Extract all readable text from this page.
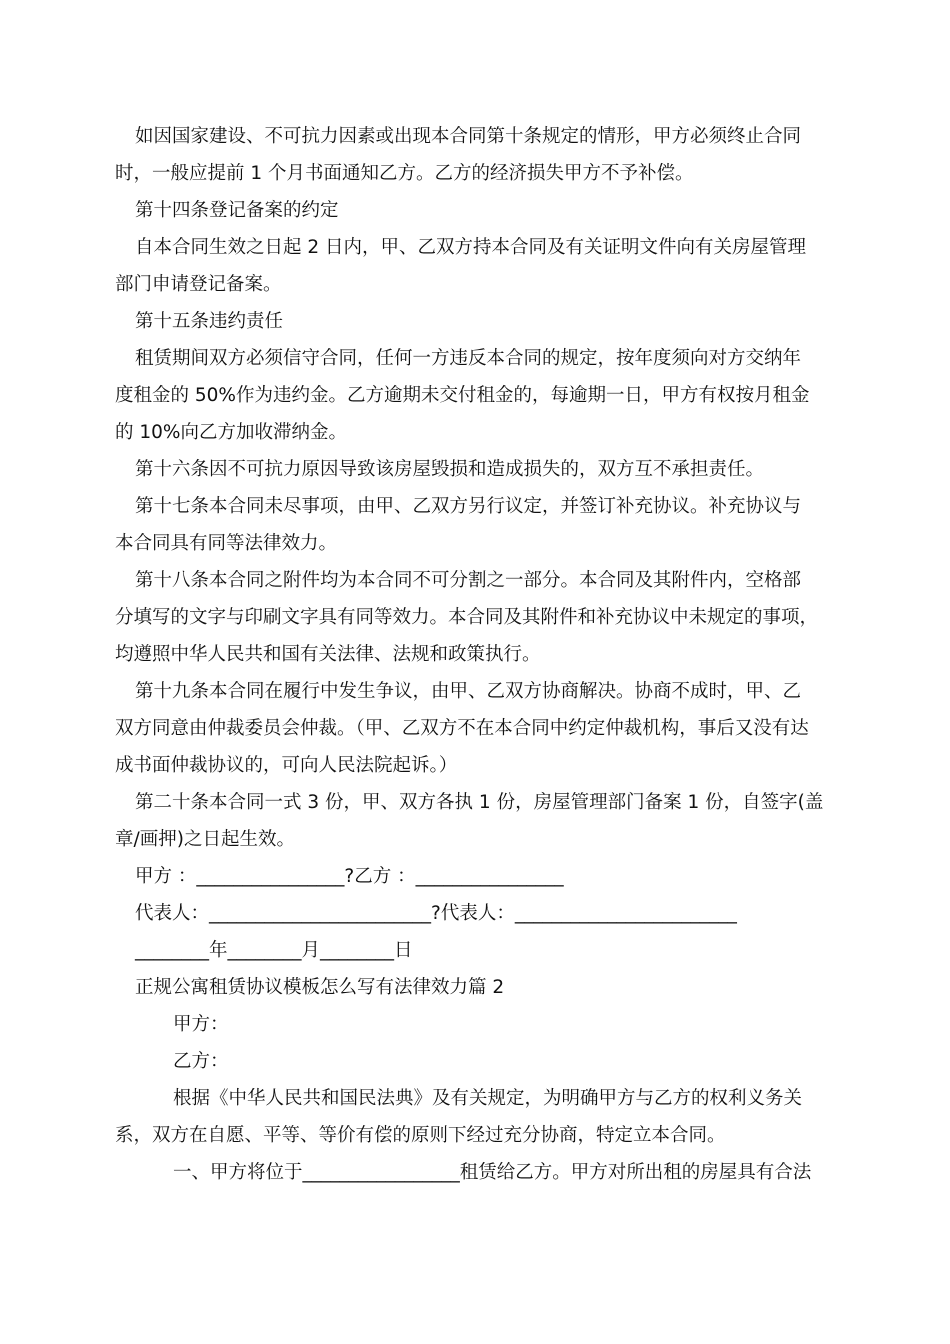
如因国家建设、不可抗力因素或出现本合同第十条规定的情形，甲方必须终止合同
时，一般应提前 1 个月书面通知乙方。乙方的经济损失甲方不予补偿。
第十四条登记备案的约定
自本合同生效之日起 2 日内，甲、乙双方持本合同及有关证明文件向有关房屋管理
部门申请登记备案。
第十五条违约责任
租赁期间双方必须信守合同，任何一方违反本合同的规定，按年度须向对方交纳年
度租金的 50%作为违约金。乙方逾期未交付租金的，每逾期一日，甲方有权按月租金
的 10%向乙方加收滞纳金。
第十六条因不可抗力原因导致该房屋毁损和造成损失的，双方互不承担责任。
第十七条本合同未尽事项，由甲、乙双方另行议定，并签订补充协议。补充协议与
本合同具有同等法律效力。
第十八条本合同之附件均为本合同不可分割之一部分。本合同及其附件内，空格部
分填写的文字与印刷文字具有同等效力。本合同及其附件和补充协议中未规定的事项，
均遵照中华人民共和国有关法律、法规和政策执行。
第十九条本合同在履行中发生争议，由甲、乙双方协商解决。协商不成时，甲、乙
双方同意由仲裁委员会仲裁。（甲、乙双方不在本合同中约定仲裁机构，事后又没有达
成书面仲裁协议的，可向人民法院起诉。）
第二十条本合同一式 3 份，甲、双方各执 1 份，房屋管理部门备案 1 份，自签字(盖
章/画押)之日起生效。
甲方 ：________________?乙方 ：________________
代表人：________________________?代表人：________________________
________年________月________日
正规公寓租赁协议模板怎么写有法律效力篇 2
甲方：
乙方：
根据《中华人民共和国民法典》及有关规定，为明确甲方与乙方的权利义务关
系，双方在自愿、平等、等价有偿的原则下经过充分协商，特定立本合同。
一、甲方将位于_________________租赁给乙方。甲方对所出租的房屋具有合法
